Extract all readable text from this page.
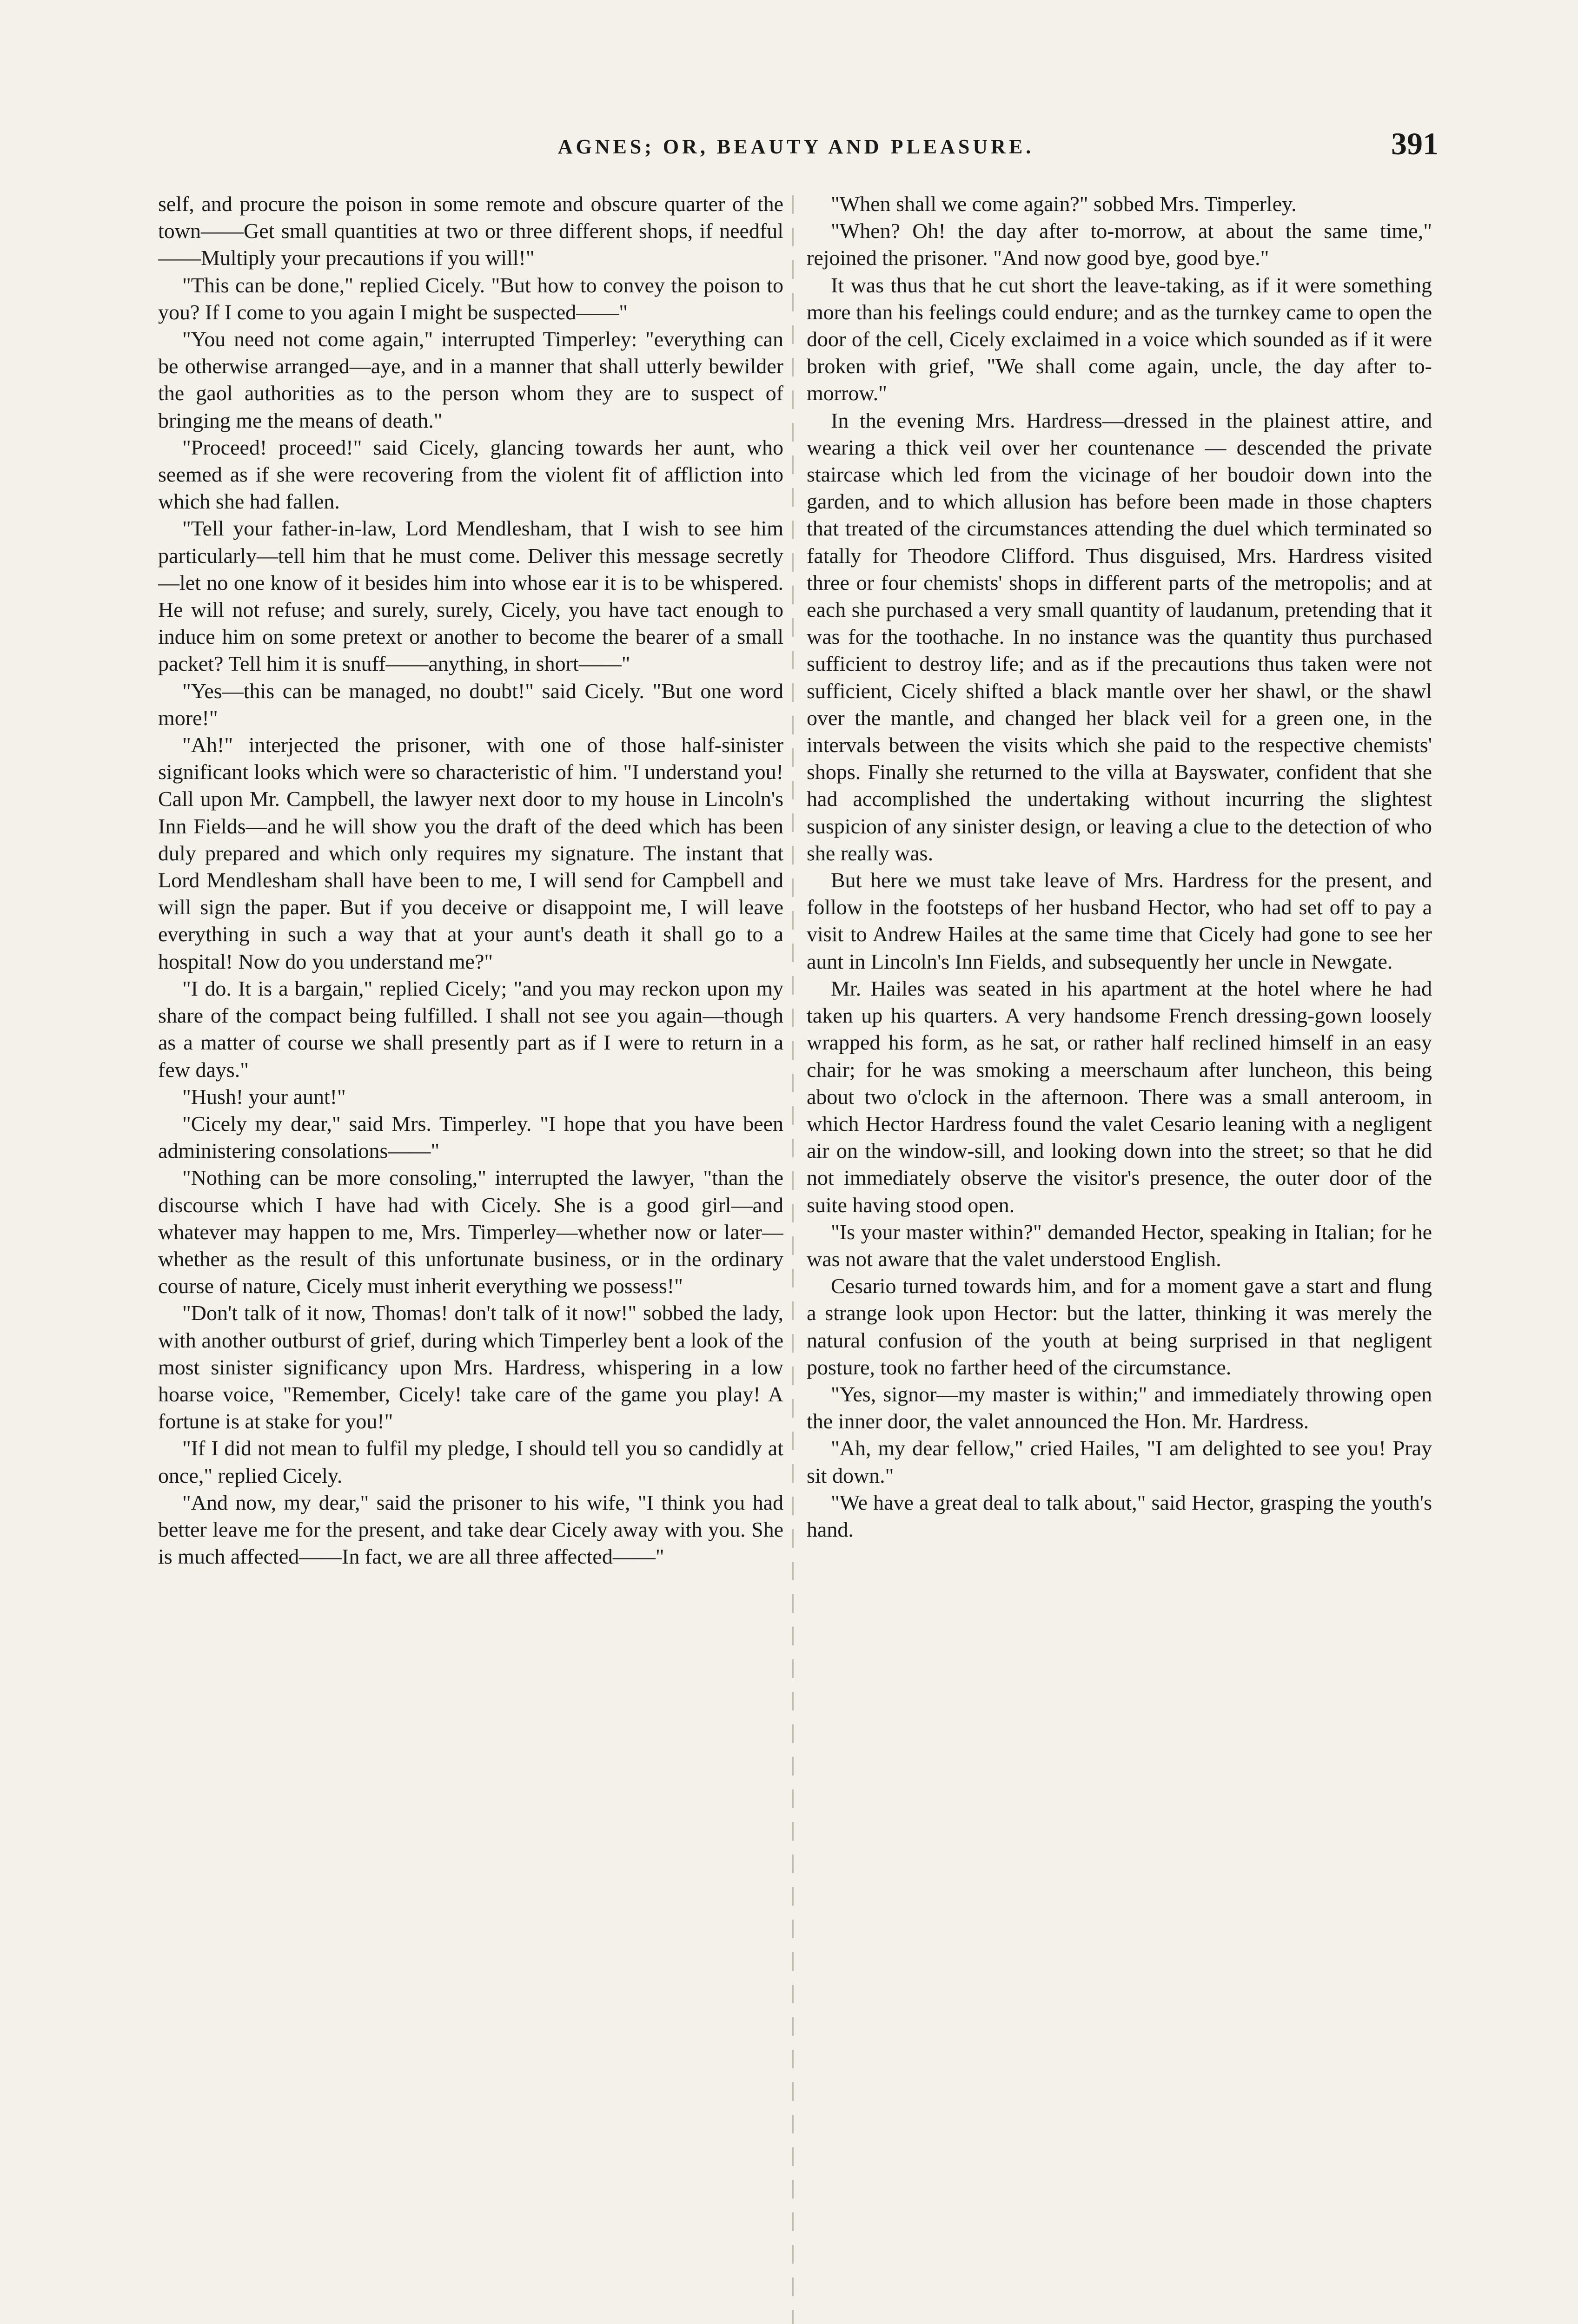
AGNES; OR, BEAUTY AND PLEASURE.	391

self, and procure the poison in some remote and obscure quarter of the town——Get small quantities at two or three different shops, if needful——Multiply your precautions if you will!"

"This can be done," replied Cicely. "But how to convey the poison to you? If I come to you again I might be suspected——"

"You need not come again," interrupted Timperley: "everything can be otherwise arranged—aye, and in a manner that shall utterly bewilder the gaol authorities as to the person whom they are to suspect of bringing me the means of death."

"Proceed! proceed!" said Cicely, glancing towards her aunt, who seemed as if she were recovering from the violent fit of affliction into which she had fallen.

"Tell your father-in-law, Lord Mendlesham, that I wish to see him particularly—tell him that he must come. Deliver this message secretly—let no one know of it besides him into whose ear it is to be whispered. He will not refuse; and surely, surely, Cicely, you have tact enough to induce him on some pretext or another to become the bearer of a small packet? Tell him it is snuff——anything, in short——"

"Yes—this can be managed, no doubt!" said Cicely. "But one word more!"

"Ah!" interjected the prisoner, with one of those half-sinister significant looks which were so characteristic of him. "I understand you! Call upon Mr. Campbell, the lawyer next door to my house in Lincoln's Inn Fields—and he will show you the draft of the deed which has been duly prepared and which only requires my signature. The instant that Lord Mendlesham shall have been to me, I will send for Campbell and will sign the paper. But if you deceive or disappoint me, I will leave everything in such a way that at your aunt's death it shall go to a hospital! Now do you understand me?"

"I do. It is a bargain," replied Cicely; "and you may reckon upon my share of the compact being fulfilled. I shall not see you again—though as a matter of course we shall presently part as if I were to return in a few days."

"Hush! your aunt!"

"Cicely my dear," said Mrs. Timperley. "I hope that you have been administering consolations——"

"Nothing can be more consoling," interrupted the lawyer, "than the discourse which I have had with Cicely. She is a good girl—and whatever may happen to me, Mrs. Timperley—whether now or later—whether as the result of this unfortunate business, or in the ordinary course of nature, Cicely must inherit everything we possess!"

"Don't talk of it now, Thomas! don't talk of it now!" sobbed the lady, with another outburst of grief, during which Timperley bent a look of the most sinister significancy upon Mrs. Hardress, whispering in a low hoarse voice, "Remember, Cicely! take care of the game you play! A fortune is at stake for you!"

"If I did not mean to fulfil my pledge, I should tell you so candidly at once," replied Cicely.

"And now, my dear," said the prisoner to his wife, "I think you had better leave me for the present, and take dear Cicely away with you. She is much affected——In fact, we are all three affected——"

"When shall we come again?" sobbed Mrs. Timperley.

"When? Oh! the day after to-morrow, at about the same time," rejoined the prisoner. "And now good bye, good bye."

It was thus that he cut short the leave-taking, as if it were something more than his feelings could endure; and as the turnkey came to open the door of the cell, Cicely exclaimed in a voice which sounded as if it were broken with grief, "We shall come again, uncle, the day after to-morrow."

In the evening Mrs. Hardress—dressed in the plainest attire, and wearing a thick veil over her countenance — descended the private staircase which led from the vicinage of her boudoir down into the garden, and to which allusion has before been made in those chapters that treated of the circumstances attending the duel which terminated so fatally for Theodore Clifford. Thus disguised, Mrs. Hardress visited three or four chemists' shops in different parts of the metropolis; and at each she purchased a very small quantity of laudanum, pretending that it was for the toothache. In no instance was the quantity thus purchased sufficient to destroy life; and as if the precautions thus taken were not sufficient, Cicely shifted a black mantle over her shawl, or the shawl over the mantle, and changed her black veil for a green one, in the intervals between the visits which she paid to the respective chemists' shops. Finally she returned to the villa at Bayswater, confident that she had accomplished the undertaking without incurring the slightest suspicion of any sinister design, or leaving a clue to the detection of who she really was.

But here we must take leave of Mrs. Hardress for the present, and follow in the footsteps of her husband Hector, who had set off to pay a visit to Andrew Hailes at the same time that Cicely had gone to see her aunt in Lincoln's Inn Fields, and subsequently her uncle in Newgate.

Mr. Hailes was seated in his apartment at the hotel where he had taken up his quarters. A very handsome French dressing-gown loosely wrapped his form, as he sat, or rather half reclined himself in an easy chair; for he was smoking a meerschaum after luncheon, this being about two o'clock in the afternoon. There was a small anteroom, in which Hector Hardress found the valet Cesario leaning with a negligent air on the window-sill, and looking down into the street; so that he did not immediately observe the visitor's presence, the outer door of the suite having stood open.

"Is your master within?" demanded Hector, speaking in Italian; for he was not aware that the valet understood English.

Cesario turned towards him, and for a moment gave a start and flung a strange look upon Hector: but the latter, thinking it was merely the natural confusion of the youth at being surprised in that negligent posture, took no farther heed of the circumstance.

"Yes, signor—my master is within;" and immediately throwing open the inner door, the valet announced the Hon. Mr. Hardress.

"Ah, my dear fellow," cried Hailes, "I am delighted to see you! Pray sit down."

"We have a great deal to talk about," said Hector, grasping the youth's hand.
